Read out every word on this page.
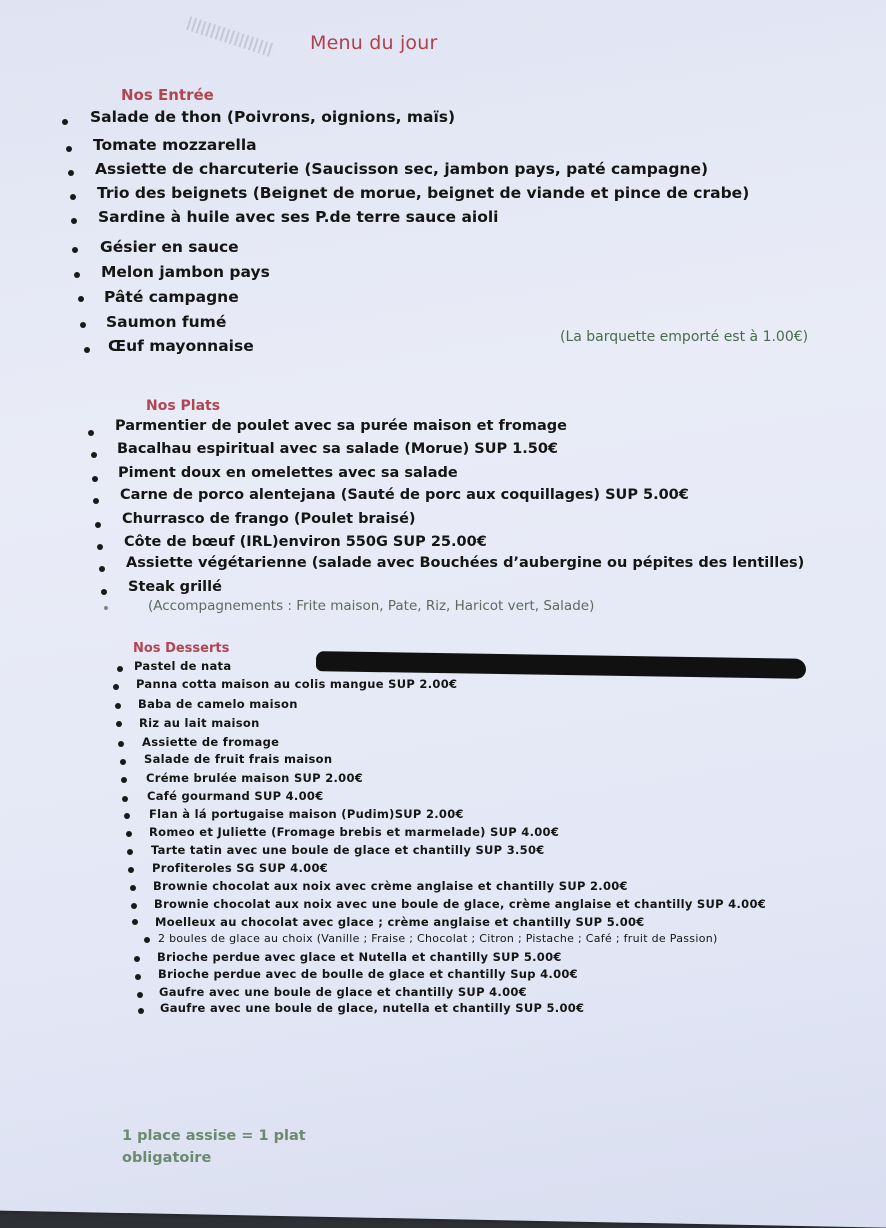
Menu du jour
Nos Entrée
Salade de thon (Poivrons, oignions, maïs)
Tomate mozzarella
Assiette de charcuterie (Saucisson sec, jambon pays, paté campagne)
Trio des beignets (Beignet de morue, beignet de viande et pince de crabe)
Sardine à huile avec ses P.de terre sauce aioli
Gésier en sauce
Melon jambon pays
Pâté campagne
Saumon fumé
Œuf mayonnaise	(La barquette emporté est à 1.00€)
Nos Plats
Parmentier de poulet avec sa purée maison et fromage
Bacalhau espiritual avec sa salade (Morue) SUP 1.50€
Piment doux en omelettes avec sa salade
Carne de porco alentejana (Sauté de porc aux coquillages) SUP 5.00€
Churrasco de frango (Poulet braisé)
Côte de bœuf (IRL)environ 550G SUP 25.00€
Assiette végétarienne (salade avec Bouchées d’aubergine ou pépites des lentilles)
Steak grillé
(Accompagnements : Frite maison, Pate, Riz, Haricot vert, Salade)
Nos Desserts
Pastel de nata
Panna cotta maison au colis mangue SUP 2.00€
Baba de camelo maison
Riz au lait maison
Assiette de fromage
Salade de fruit frais maison
Créme brulée maison SUP 2.00€
Café gourmand SUP 4.00€
Flan à lá portugaise maison (Pudim)SUP 2.00€
Romeo et Juliette (Fromage brebis et marmelade) SUP 4.00€
Tarte tatin avec une boule de glace et chantilly SUP 3.50€
Profiteroles SG SUP 4.00€
Brownie chocolat aux noix avec crème anglaise et chantilly SUP 2.00€
Brownie chocolat aux noix avec une boule de glace, crème anglaise et chantilly SUP 4.00€
Moelleux au chocolat avec glace ; crème anglaise et chantilly SUP 5.00€
2 boules de glace au choix (Vanille ; Fraise ; Chocolat ; Citron ; Pistache ; Café ; fruit de Passion)
Brioche perdue avec glace et Nutella et chantilly SUP 5.00€
Brioche perdue avec de boulle de glace et chantilly Sup 4.00€
Gaufre avec une boule de glace et chantilly SUP 4.00€
Gaufre avec une boule de glace, nutella et chantilly SUP 5.00€
1 place assise = 1 plat
obligatoire
